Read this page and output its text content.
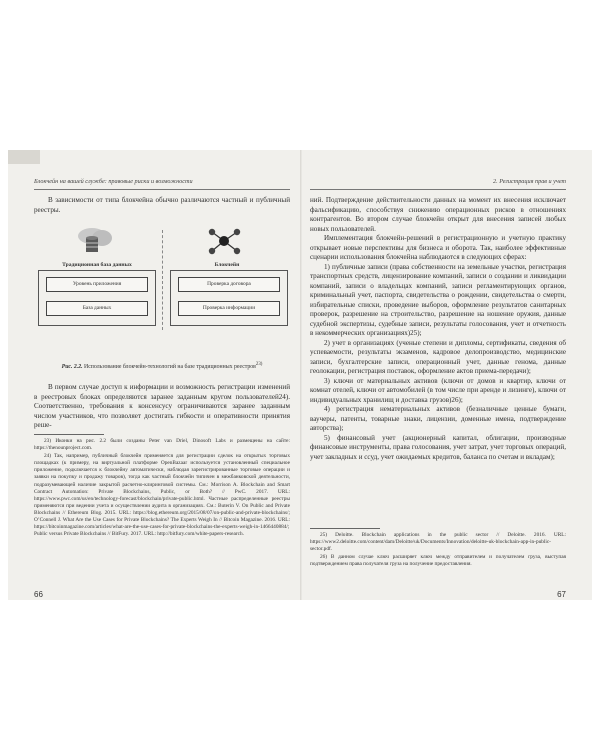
Блокчейн на вашей службе: правовые риски и возможности	2. Регистрация прав и учет

В зависимости от типа блокчейна обычно различаются частный и публичный реестры.

Традиционная база данных	Блокчейн
Уровень приложения
База данных
Проверка договора
Проверка информации
Рис. 2.2. Использование блокчейн-технологий на базе традиционных реестров$^{23)}$

В первом случае доступ к информации и возможность регистрации изменений в реестровых блоках определяются заранее заданным кругом пользователей24). Соответственно, требования к консенсусу ограничиваются заранее заданным числом участников, что позволяет достигать гибкости и оперативности принятия реше-

23) Иконки на рис. 2.2 были созданы Peter van Driel, Dinosoft Labs и размещены на сайте: https://thenounproject.com.

24) Так, например, публичный блокчейн применяется для регистрации сделок на открытых торговых площадках (к примеру, на виртуальной платформе OpenBazaar используется установленный специальное приложение, подключается к блокчейну автоматически, наблюдая зарегистрированные торговые операции и заявки на покупку и продажу товаров), тогда как частный блокчейн типичен в межбанковской деятельности, подразумевающей наличие закрытой расчетно-клиринговой системы. См.: Morrison A. Blockchain and Smart Contract Automation: Private Blockchains, Public, or Both? // PwC. 2017. URL: https://www.pwc.com/us/en/technology-forecast/blockchain/private-public.html. Частные распределенные реестры применяются при ведении учета и осуществлении аудита в организациях. См.: Buterin V. On Public and Private Blockchains // Ethereum Blog. 2015. URL: https://blog.ethereum.org/2015/08/07/on-public-and-private-blockchains/; O’Connell J. What Are the Use Cases for Private Blockchains? The Experts Weigh In // Bitcoin Magazine. 2016. URL: https://bitcoinmagazine.com/articles/what-are-the-use-cases-for-private-blockchains-the-experts-weigh-in-1466440884/; Public versus Private Blockchains // BitFury. 2017. URL: http://bitfury.com/white-papers-research.

66

ний. Подтверждение действительности данных на момент их внесения исключает фальсификацию, способствуя снижению операционных рисков в отношениях контрагентов. Во втором случае блокчейн открыт для внесения записей любых новых пользователей.

Имплементация блокчейн-решений в регистрационную и учетную практику открывает новые перспективы для бизнеса и оборота. Так, наиболее эффективные сценарии использования блокчейна наблюдаются в следующих сферах:

1) публичные записи (права собственности на земельные участки, регистрация транспортных средств, лицензирование компаний, записи о создании и ликвидации компаний, записи о владельцах компаний, записи регламентирующих органов, криминальный учет, паспорта, свидетельства о рождении, свидетельства о смерти, избирательные списки, проведение выборов, оформление результатов санитарных проверок, разрешение на строительство, разрешение на ношение оружия, данные судебной экспертизы, судебные записи, результаты голосования, учет и отчетность в некоммерческих организациях)25);

2) учет в организациях (ученые степени и дипломы, сертификаты, сведения об успеваемости, результаты экзаменов, кадровое делопроизводство, медицинские записи, бухгалтерские записи, операционный учет, данные генома, данные геолокации, регистрация поставок, оформление актов приема-передачи);

3) ключи от материальных активов (ключи от домов и квартир, ключи от комнат отелей, ключи от автомобилей (в том числе при аренде и лизинге), ключи от индивидуальных хранилищ и доставка грузов)26);

4) регистрация нематериальных активов (безналичные ценные бумаги, ваучеры, патенты, товарные знаки, лицензии, доменные имена, подтверждение авторства);

5) финансовый учет (акционерный капитал, облигации, производные финансовые инструменты, права голосования, учет затрат, учет торговых операций, учет закладных и ссуд, учет ожидаемых кредитов, баланса по счетам и вкладам);

25) Deloitte. Blockchain applications in the public sector // Deloitte. 2016. URL: https://www2.deloitte.com/content/dam/Deloitte/uk/Documents/Innovation/deloitte-uk-blockchain-app-in-public-sector.pdf.

26) В данном случае ключ расширяет ключ между отправителем и получателем груза, выступая подтверждением права получателя груза на получение предоставления.

67
